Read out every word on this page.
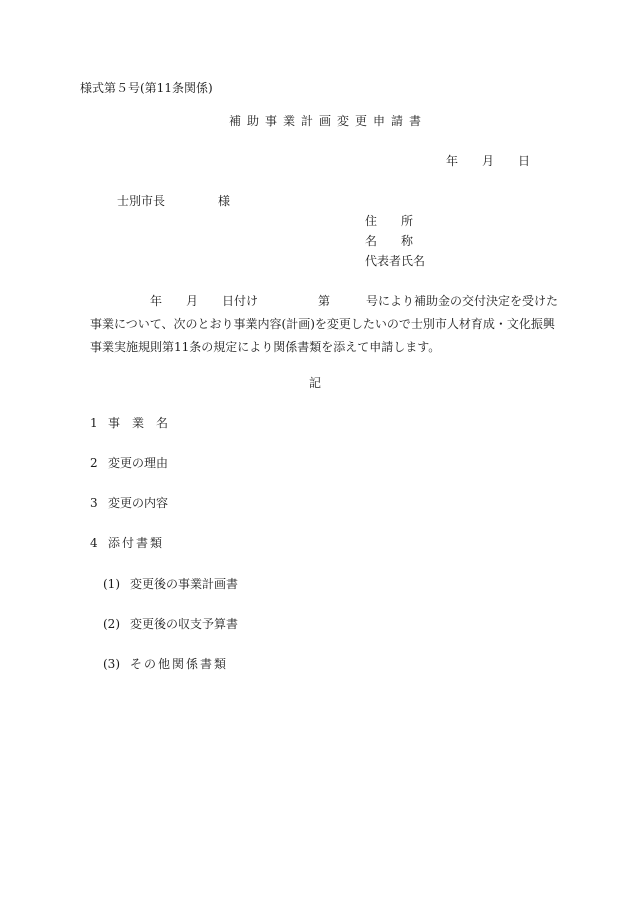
様式第５号(第11条関係)
補助事業計画変更申請書
年　　月　　日
士別市長	様
住　　所
名　　称
代表者氏名
　　　　　年　　月　　日付け　　　　　第　　　号により補助金の交付決定を受けた
事業について、次のとおり事業内容(計画)を変更したいので士別市人材育成・文化振興
事業実施規則第11条の規定により関係書類を添えて申請します。
記
1 事　業　名
2 変更の理由
3 変更の内容
4 添付書類
(1) 変更後の事業計画書
(2) 変更後の収支予算書
(3) その他関係書類
